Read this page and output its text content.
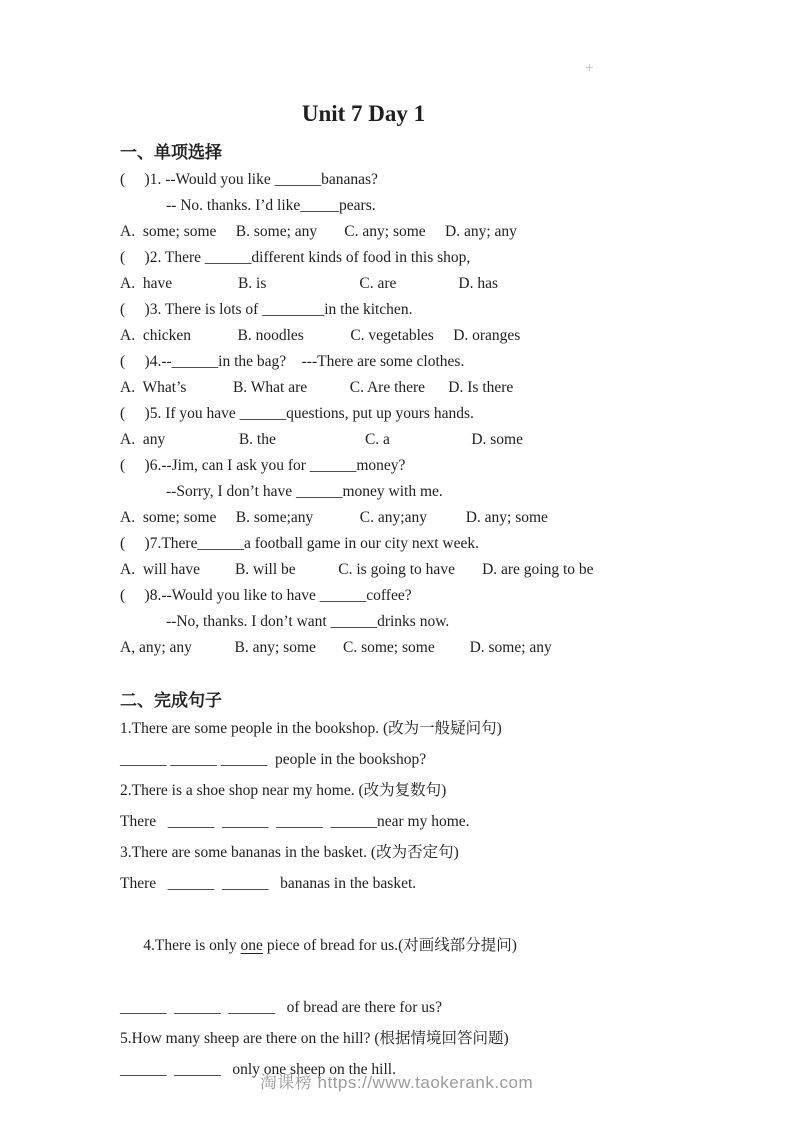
Unit 7 Day 1
一、单项选择
(     )1. --Would you like ______bananas?
-- No. thanks. I’d like_____pears.
A.  some; some     B. some; any       C. any; some     D. any; any
(     )2. There ______different kinds of food in this shop,
A.  have                 B. is                        C. are                D. has
(     )3. There is lots of ________in the kitchen.
A.  chicken            B. noodles            C. vegetables     D. oranges
(     )4.--______in the bag?    ---There are some clothes.
A.  What’s            B. What are           C. Are there      D. Is there
(     )5. If you have ______questions, put up yours hands.
A.  any                   B. the                       C. a                     D. some
(     )6.--Jim, can I ask you for ______money?
--Sorry, I don’t have ______money with me.
A.  some; some     B. some;any            C. any;any          D. any; some
(     )7.There______a football game in our city next week.
A.  will have         B. will be           C. is going to have       D. are going to be
(     )8.--Would you like to have ______coffee?
--No, thanks. I don’t want ______drinks now.
A, any; any           B. any; some       C. some; some         D. some; any
二、完成句子
1.There are some people in the bookshop. (改为一般疑问句)
______ ______ ______  people in the bookshop?
2.There is a shoe shop near my home. (改为复数句)
There   ______  ______  ______  ______near my home.
3.There are some bananas in the basket. (改为否定句)
There   ______  ______   bananas in the basket.

4.There is only one piece of bread for us.(对画线部分提问)

______  ______  ______   of bread are there for us?
5.How many sheep are there on the hill? (根据情境回答问题)
______  ______   only one sheep on the hill.
淘课榜 https://www.taokerank.com
